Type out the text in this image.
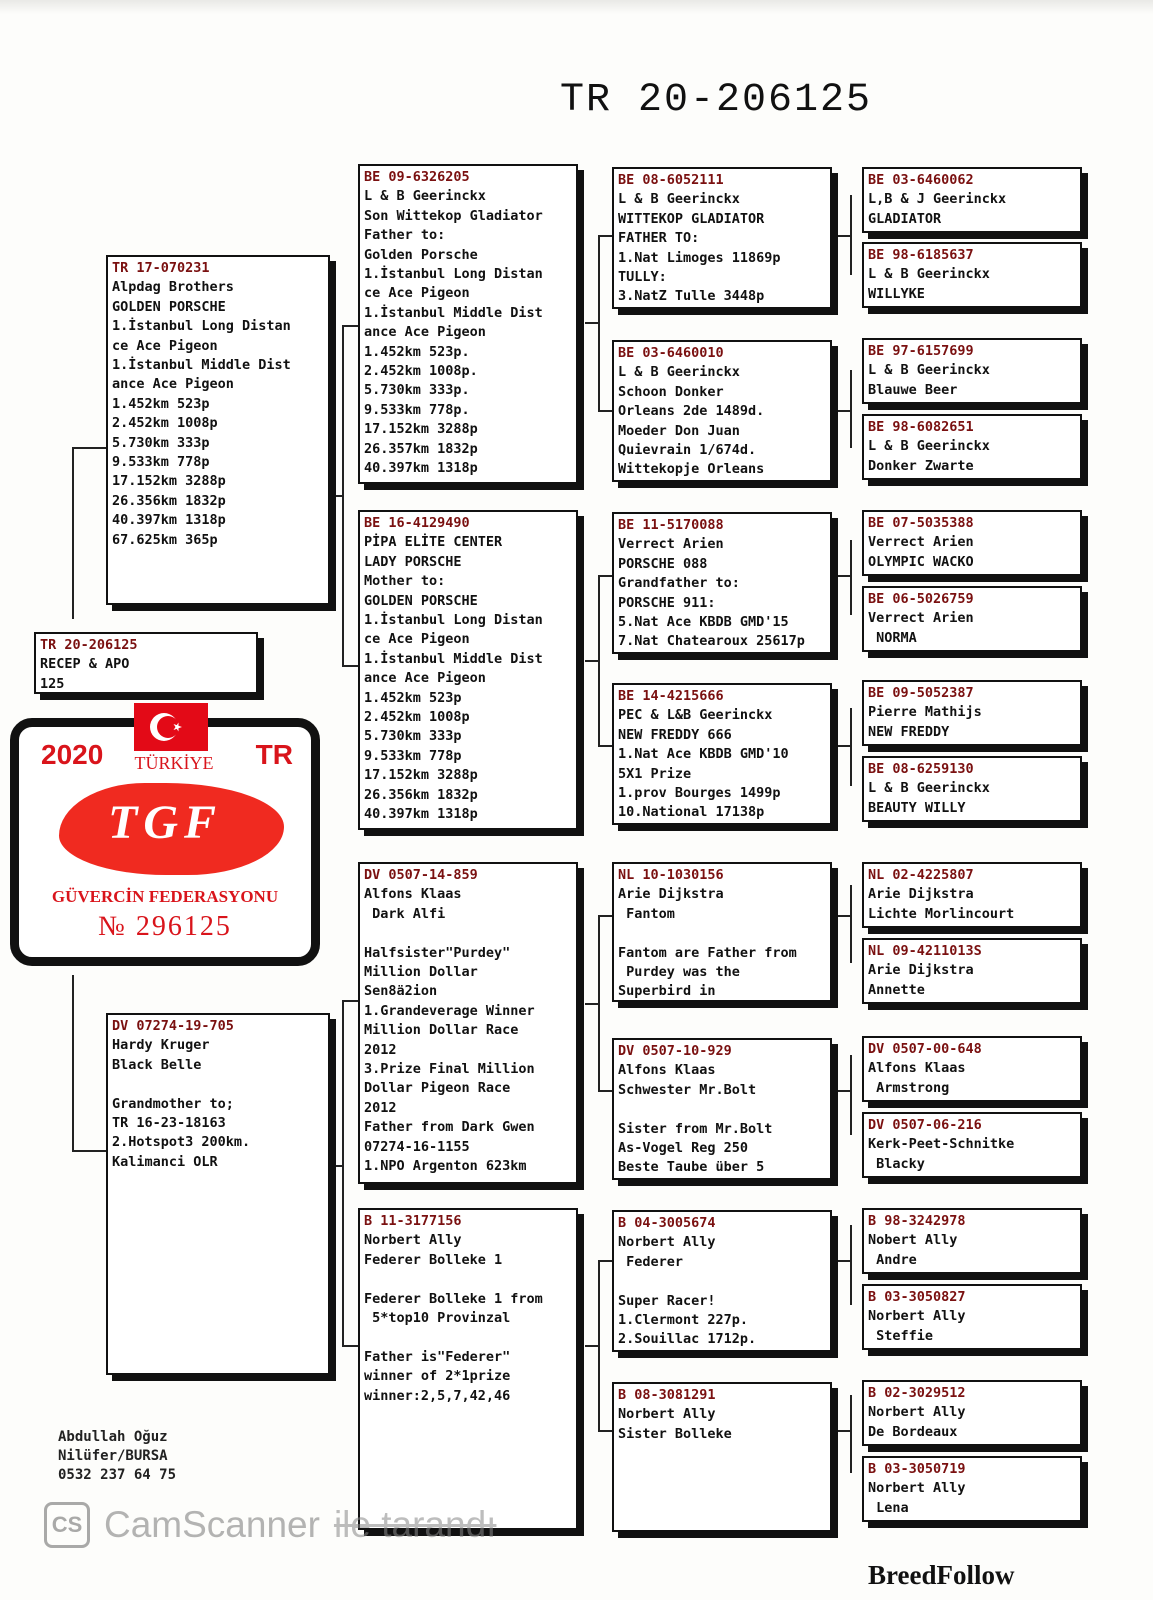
TR 20-206125
TR 20-206125
RECEP & APO
125
TR 17-070231
Alpdag Brothers
GOLDEN PORSCHE
1.İstanbul Long Distan
ce Ace Pigeon
1.İstanbul Middle Dist
ance Ace Pigeon
1.452km 523p
2.452km 1008p
5.730km 333p
9.533km 778p
17.152km 3288p
26.356km 1832p
40.397km 1318p
67.625km 365p
DV 07274-19-705
Hardy Kruger
Black Belle

Grandmother to;
TR 16-23-18163
2.Hotspot3 200km.
Kalimanci OLR
BE 09-6326205
L & B Geerinckx
Son Wittekop Gladiator
Father to:
Golden Porsche
1.İstanbul Long Distan
ce Ace Pigeon
1.İstanbul Middle Dist
ance Ace Pigeon
1.452km 523p.
2.452km 1008p.
5.730km 333p.
9.533km 778p.
17.152km 3288p
26.357km 1832p
40.397km 1318p
BE 16-4129490
PİPA ELİTE CENTER
LADY PORSCHE
Mother to:
GOLDEN PORSCHE
1.İstanbul Long Distan
ce Ace Pigeon
1.İstanbul Middle Dist
ance Ace Pigeon
1.452km 523p
2.452km 1008p
5.730km 333p
9.533km 778p
17.152km 3288p
26.356km 1832p
40.397km 1318p
DV 0507-14-859
Alfons Klaas
Dark Alfi

Halfsister"Purdey"
Million Dollar
Sen8ä2ion
1.Grandeverage Winner
Million Dollar Race
2012
3.Prize Final Million
Dollar Pigeon Race
2012
Father from Dark Gwen
07274-16-1155
1.NPO Argenton 623km
B 11-3177156
Norbert Ally
Federer Bolleke 1

Federer Bolleke 1 from
5*top10 Provinzal

Father is"Federer"
winner of 2*1prize
winner:2,5,7,42,46
BE 08-6052111
L & B Geerinckx
WITTEKOP GLADIATOR
FATHER TO:
1.Nat Limoges 11869p
TULLY:
3.NatZ Tulle 3448p
BE 03-6460010
L & B Geerinckx
Schoon Donker
Orleans 2de 1489d.
Moeder Don Juan
Quievrain 1/674d.
Wittekopje Orleans
BE 11-5170088
Verrect Arien
PORSCHE 088
Grandfather to:
PORSCHE 911:
5.Nat Ace KBDB GMD'15
7.Nat Chatearoux 25617p
BE 14-4215666
PEC & L&B Geerinckx
NEW FREDDY 666
1.Nat Ace KBDB GMD'10
5X1 Prize
1.prov Bourges 1499p
10.National 17138p
NL 10-1030156
Arie Dijkstra
Fantom

Fantom are Father from
Purdey was the
Superbird in
DV 0507-10-929
Alfons Klaas
Schwester Mr.Bolt

Sister from Mr.Bolt
As-Vogel Reg 250
Beste Taube über 5
B 04-3005674
Norbert Ally
Federer

Super Racer!
1.Clermont 227p.
2.Souillac 1712p.
B 08-3081291
Norbert Ally
Sister Bolleke
BE 03-6460062
L,B & J Geerinckx
GLADIATOR
BE 98-6185637
L & B Geerinckx
WILLYKE
BE 97-6157699
L & B Geerinckx
Blauwe Beer
BE 98-6082651
L & B Geerinckx
Donker Zwarte
BE 07-5035388
Verrect Arien
OLYMPIC WACKO
BE 06-5026759
Verrect Arien
NORMA
BE 09-5052387
Pierre Mathijs
NEW FREDDY
BE 08-6259130
L & B Geerinckx
BEAUTY WILLY
NL 02-4225807
Arie Dijkstra
Lichte Morlincourt
NL 09-4211013S
Arie Dijkstra
Annette
DV 0507-00-648
Alfons Klaas
Armstrong
DV 0507-06-216
Kerk-Peet-Schnitke
Blacky
B 98-3242978
Nobert Ally
Andre
B 03-3050827
Norbert Ally
Steffie
B 02-3029512
Norbert Ally
De Bordeaux
B 03-3050719
Norbert Ally
Lena
2020	TR
TÜRKİYE
TGF
GÜVERCİN FEDERASYONU
№ 296125
Abdullah Oğuz
Nilüfer/BURSA
0532 237 64 75
CS CamScanner ile tarandı
BreedFollow
